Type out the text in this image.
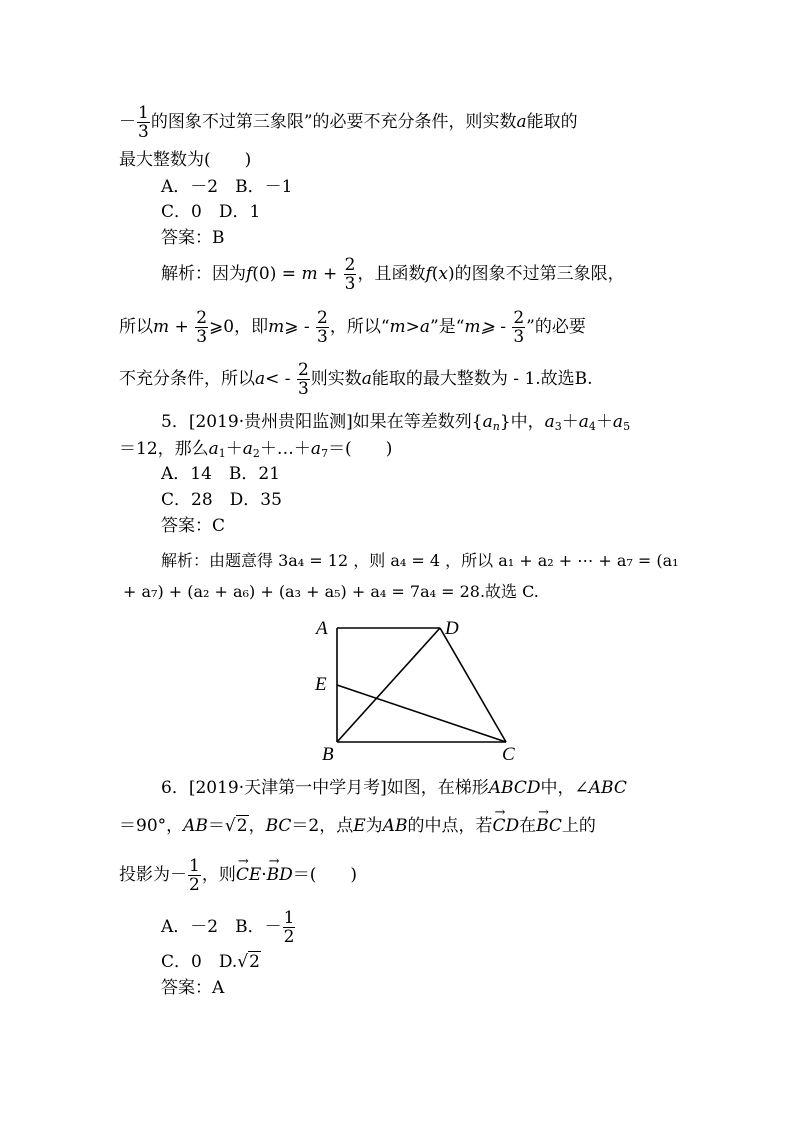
－ $\frac{1}{3}$ 的图象不过第三象限”的必要不充分条件，则实数a能取的
最大整数为(　　)
A．－2　B．－1
C．0　D．1
答案：B
解析：因为$f(0) = m + \frac{2}{3}$ ，且函数f(x)的图象不过第三象限，
所以$m + \frac{2}{3}$ ⩾0，即m⩾ - $\frac{2}{3}$ ，所以“m>a”是“m⩾ - $\frac{2}{3}$ ”的必要
不充分条件，所以$a< - \frac{2}{3}$ 则实数a能取的最大整数为 - 1.故选B.
5．[2019·贵州贵阳监测]如果在等差数列$\{a_n\}$中，$a_3+a_4+a_5$
＝12，那么$a_1+a_2+\dots+a_7=$(　　)
A．14　B．21
C．28　D．35
答案：C
解析：由题意得 3a₄ = 12 ，则 a₄ = 4 ，所以 a₁ + a₂ + ⋯ + a₇ = (a₁
+ a₇) + (a₂ + a₆) + (a₃ + a₅) + a₄ = 7a₄ = 28.故选 C.
A	D
E
B	C
6．[2019·天津第一中学月考]如图，在梯形ABCD中，∠ABC
＝90°，AB＝√2，BC＝2，点E为AB的中点，若→ CD在→ BC上的
投影为－ $\frac{1}{2}$ ，则→ CE·→ BD＝(　　)
A．－2　B．－ $\frac{1}{2}$
C．0　D.√2
答案：A
